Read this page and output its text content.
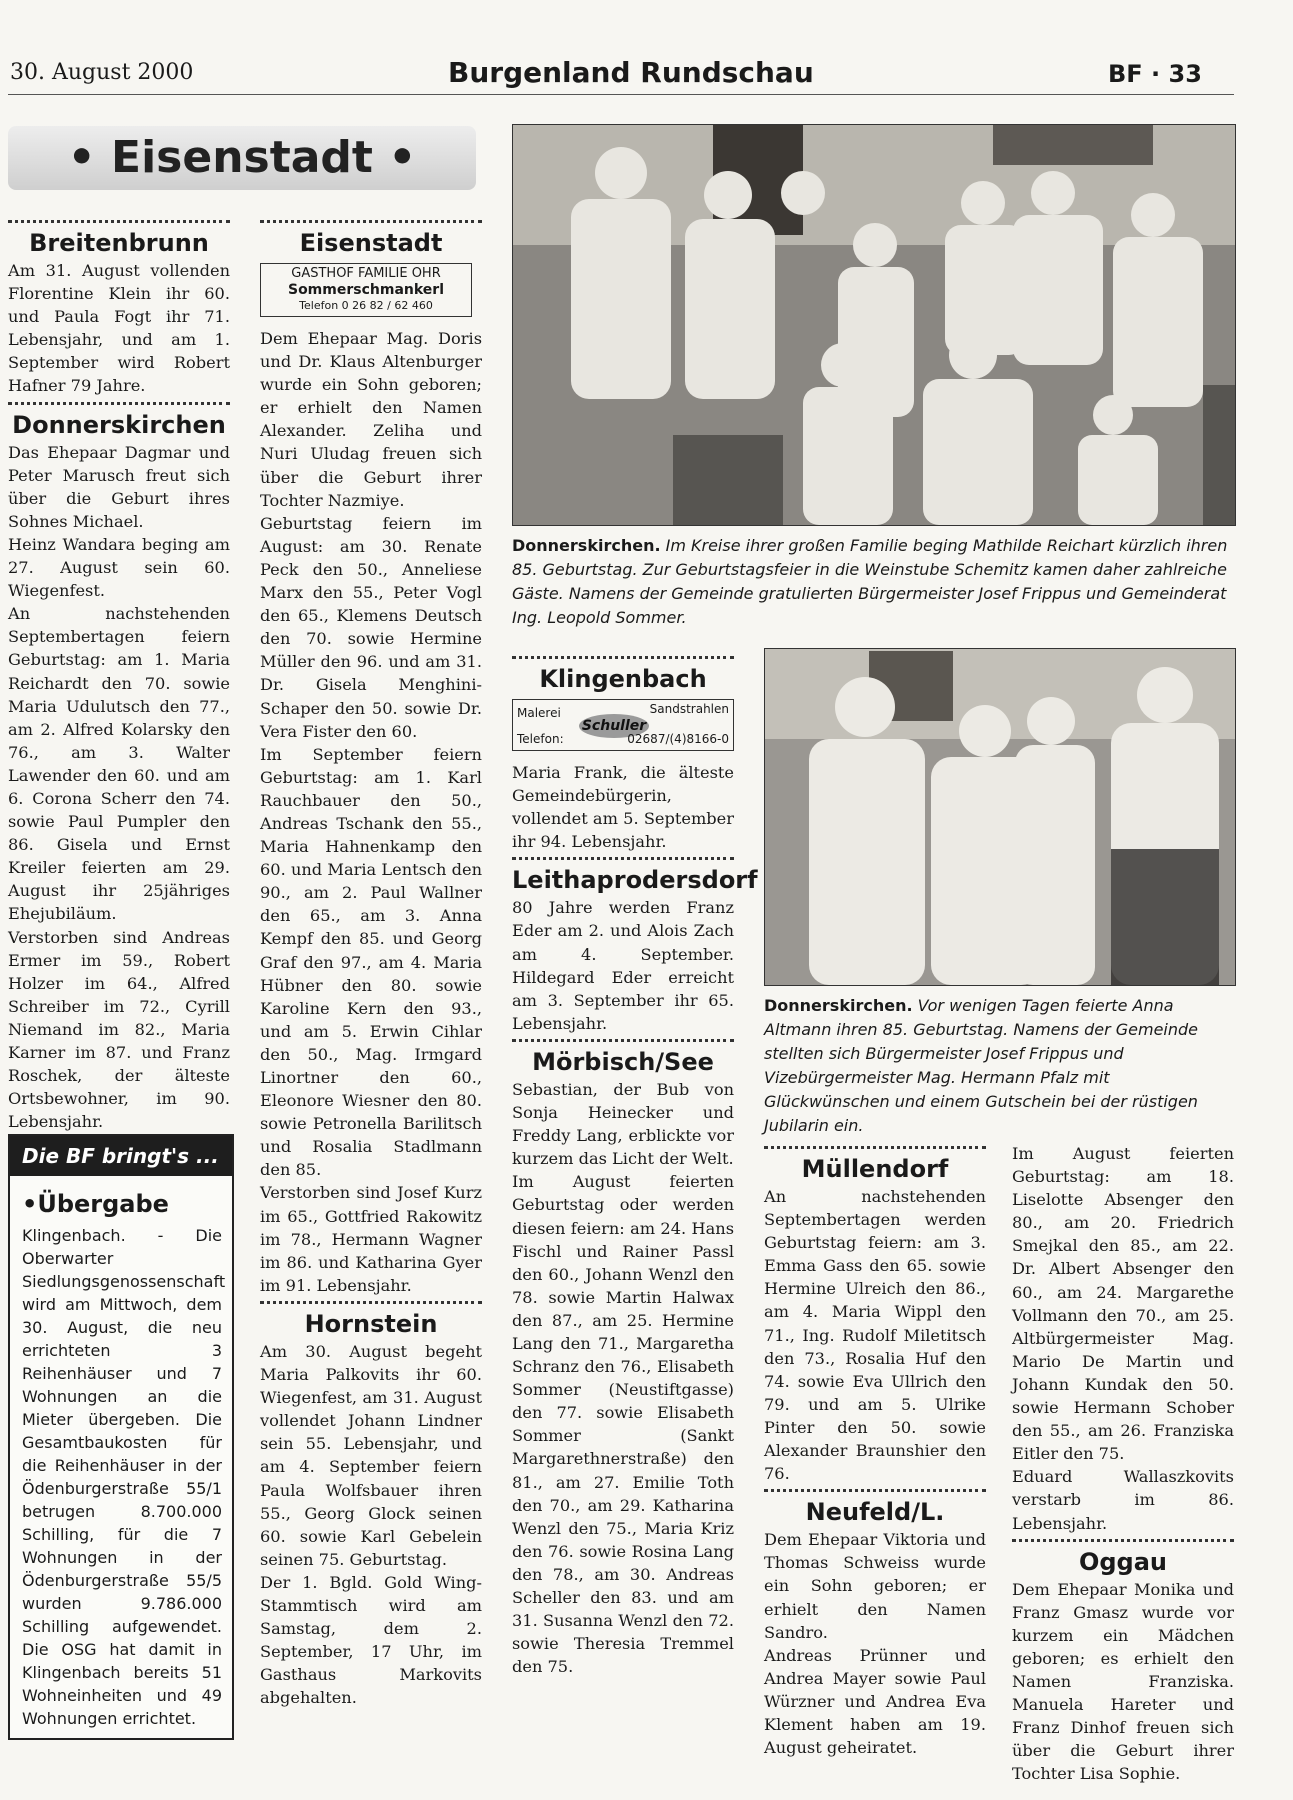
30. August 2000	Burgenland Rundschau	BF · 33
• Eisenstadt •
Breitenbrunn

Am 31. August vollenden Florentine Klein ihr 60. und Paula Fogt ihr 71. Lebensjahr, und am 1. September wird Robert Hafner 79 Jahre.

Donnerskirchen

Das Ehepaar Dagmar und Peter Marusch freut sich über die Geburt ihres Sohnes Michael.

Heinz Wandara beging am 27. August sein 60. Wiegenfest.

An nachstehenden Septembertagen feiern Geburtstag: am 1. Maria Reichardt den 70. sowie Maria Udulutsch den 77., am 2. Alfred Kolarsky den 76., am 3. Walter Lawender den 60. und am 6. Corona Scherr den 74. sowie Paul Pumpler den 86. Gisela und Ernst Kreiler feierten am 29. August ihr 25jähriges Ehejubiläum.

Verstorben sind Andreas Ermer im 59., Robert Holzer im 64., Alfred Schreiber im 72., Cyrill Niemand im 82., Maria Karner im 87. und Franz Roschek, der älteste Ortsbewohner, im 90. Lebensjahr.

Die BF bringt's ...
•Übergabe
Klingenbach. - Die Oberwarter Siedlungsgenossenschaft wird am Mittwoch, dem 30. August, die neu errichteten 3 Reihenhäuser und 7 Wohnungen an die Mieter übergeben. Die Gesamtbaukosten für die Reihenhäuser in der Ödenburgerstraße 55/1 betrugen 8.700.000 Schilling, für die 7 Wohnungen in der Ödenburgerstraße 55/5 wurden 9.786.000 Schilling aufgewendet. Die OSG hat damit in Klingenbach bereits 51 Wohneinheiten und 49 Wohnungen errichtet.
Eisenstadt
GASTHOF FAMILIE OHR
Sommerschmankerl
Telefon 0 26 82 / 62 460

Dem Ehepaar Mag. Doris und Dr. Klaus Altenburger wurde ein Sohn geboren; er erhielt den Namen Alexander. Zeliha und Nuri Uludag freuen sich über die Geburt ihrer Tochter Nazmiye.

Geburtstag feiern im August: am 30. Renate Peck den 50., Anneliese Marx den 55., Peter Vogl den 65., Klemens Deutsch den 70. sowie Hermine Müller den 96. und am 31. Dr. Gisela Menghini-Schaper den 50. sowie Dr. Vera Fister den 60.

Im September feiern Geburtstag: am 1. Karl Rauchbauer den 50., Andreas Tschank den 55., Maria Hahnenkamp den 60. und Maria Lentsch den 90., am 2. Paul Wallner den 65., am 3. Anna Kempf den 85. und Georg Graf den 97., am 4. Maria Hübner den 80. sowie Karoline Kern den 93., und am 5. Erwin Cihlar den 50., Mag. Irmgard Linortner den 60., Eleonore Wiesner den 80. sowie Petronella Barilitsch und Rosalia Stadlmann den 85.

Verstorben sind Josef Kurz im 65., Gottfried Rakowitz im 78., Hermann Wagner im 86. und Katharina Gyer im 91. Lebensjahr.

Hornstein

Am 30. August begeht Maria Palkovits ihr 60. Wiegenfest, am 31. August vollendet Johann Lindner sein 55. Lebensjahr, und am 4. September feiern Paula Wolfsbauer ihren 55., Georg Glock seinen 60. sowie Karl Gebelein seinen 75. Geburtstag.

Der 1. Bgld. Gold Wing-Stammtisch wird am Samstag, dem 2. September, 17 Uhr, im Gasthaus Markovits abgehalten.

Donnerskirchen. Im Kreise ihrer großen Familie beging Mathilde Reichart kürzlich ihren 85. Geburtstag. Zur Geburtstagsfeier in die Weinstube Schemitz kamen daher zahlreiche Gäste. Namens der Gemeinde gratulierten Bürgermeister Josef Frippus und Gemeinderat Ing. Leopold Sommer.
Klingenbach
Malerei	Sandstrahlen
Schuller
Telefon:	02687/(4)8166-0

Maria Frank, die älteste Gemeindebürgerin, vollendet am 5. September ihr 94. Lebensjahr.

Leithaprodersdorf

80 Jahre werden Franz Eder am 2. und Alois Zach am 4. September. Hildegard Eder erreicht am 3. September ihr 65. Lebensjahr.

Mörbisch/See

Sebastian, der Bub von Sonja Heinecker und Freddy Lang, erblickte vor kurzem das Licht der Welt.

Im August feierten Geburtstag oder werden diesen feiern: am 24. Hans Fischl und Rainer Passl den 60., Johann Wenzl den 78. sowie Martin Halwax den 87., am 25. Hermine Lang den 71., Margaretha Schranz den 76., Elisabeth Sommer (Neustiftgasse) den 77. sowie Elisabeth Sommer (Sankt Margarethnerstraße) den 81., am 27. Emilie Toth den 70., am 29. Katharina Wenzl den 75., Maria Kriz den 76. sowie Rosina Lang den 78., am 30. Andreas Scheller den 83. und am 31. Susanna Wenzl den 72. sowie Theresia Tremmel den 75.

Donnerskirchen. Vor wenigen Tagen feierte Anna Altmann ihren 85. Geburtstag. Namens der Gemeinde stellten sich Bürgermeister Josef Frippus und Vizebürgermeister Mag. Hermann Pfalz mit Glückwünschen und einem Gutschein bei der rüstigen Jubilarin ein.
Müllendorf

An nachstehenden Septembertagen werden Geburtstag feiern: am 3. Emma Gass den 65. sowie Hermine Ulreich den 86., am 4. Maria Wippl den 71., Ing. Rudolf Miletitsch den 73., Rosalia Huf den 74. sowie Eva Ullrich den 79. und am 5. Ulrike Pinter den 50. sowie Alexander Braunshier den 76.

Neufeld/L.

Dem Ehepaar Viktoria und Thomas Schweiss wurde ein Sohn geboren; er erhielt den Namen Sandro.

Andreas Prünner und Andrea Mayer sowie Paul Würzner und Andrea Eva Klement haben am 19. August geheiratet.

Im August feierten Geburtstag: am 18. Liselotte Absenger den 80., am 20. Friedrich Smejkal den 85., am 22. Dr. Albert Absenger den 60., am 24. Margarethe Vollmann den 70., am 25. Altbürgermeister Mag. Mario De Martin und Johann Kundak den 50. sowie Hermann Schober den 55., am 26. Franziska Eitler den 75.

Eduard Wallaszkovits verstarb im 86. Lebensjahr.

Oggau

Dem Ehepaar Monika und Franz Gmasz wurde vor kurzem ein Mädchen geboren; es erhielt den Namen Franziska. Manuela Hareter und Franz Dinhof freuen sich über die Geburt ihrer Tochter Lisa Sophie.
